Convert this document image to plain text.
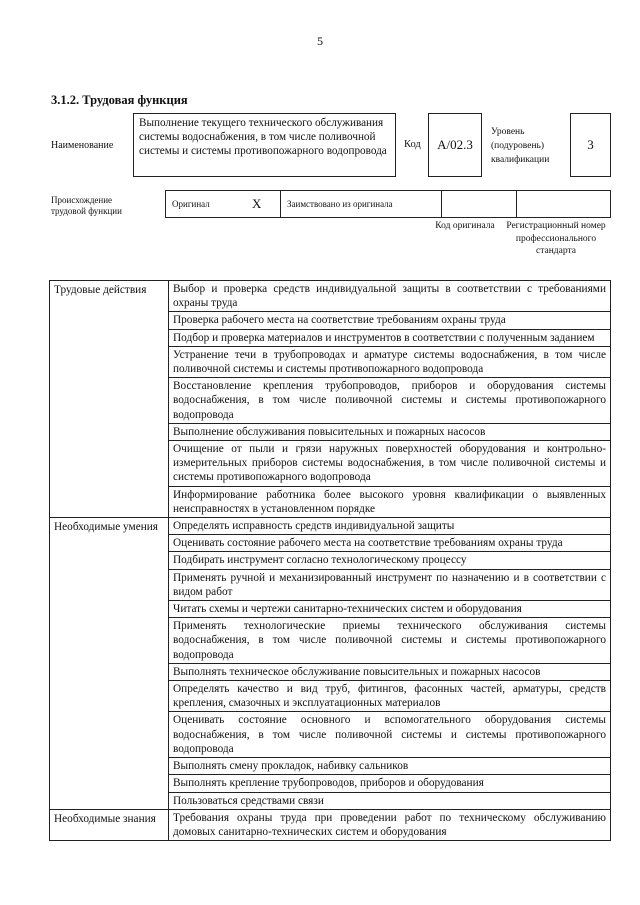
5
3.1.2. Трудовая функция
Наименование
Выполнение текущего технического обслуживания системы водоснабжения, в том числе поливочной системы и системы противопожарного водопровода
Код	А/02.3
Уровень (подуровень) квалификации
3
Происхождение трудовой функции
Оригинал	X	Заимствовано из оригинала		
Код оригинала	Регистрационный номер профессионального стандарта
Трудовые действия	Выбор и проверка средств индивидуальной защиты в соответствии с требованиями охраны труда
	Проверка рабочего места на соответствие требованиям охраны труда
	Подбор и проверка материалов и инструментов в соответствии с полученным заданием
	Устранение течи в трубопроводах и арматуре системы водоснабжения, в том числе поливочной системы и системы противопожарного водопровода
	Восстановление крепления трубопроводов, приборов и оборудования системы водоснабжения, в том числе поливочной системы и системы противопожарного водопровода
	Выполнение обслуживания повысительных и пожарных насосов
	Очищение от пыли и грязи наружных поверхностей оборудования и контрольно-измерительных приборов системы водоснабжения, в том числе поливочной системы и системы противопожарного водопровода
	Информирование работника более высокого уровня квалификации о выявленных неисправностях в установленном порядке
Необходимые умения	Определять исправность средств индивидуальной защиты
	Оценивать состояние рабочего места на соответствие требованиям охраны труда
	Подбирать инструмент согласно технологическому процессу
	Применять ручной и механизированный инструмент по назначению и в соответствии с видом работ
	Читать схемы и чертежи санитарно-технических систем и оборудования
	Применять технологические приемы технического обслуживания системы водоснабжения, в том числе поливочной системы и системы противопожарного водопровода
	Выполнять техническое обслуживание повысительных и пожарных насосов
	Определять качество и вид труб, фитингов, фасонных частей, арматуры, средств крепления, смазочных и эксплуатационных материалов
	Оценивать состояние основного и вспомогательного оборудования системы водоснабжения, в том числе поливочной системы и системы противопожарного водопровода
	Выполнять смену прокладок, набивку сальников
	Выполнять крепление трубопроводов, приборов и оборудования
	Пользоваться средствами связи
Необходимые знания	Требования охраны труда при проведении работ по техническому обслуживанию домовых санитарно-технических систем и оборудования
